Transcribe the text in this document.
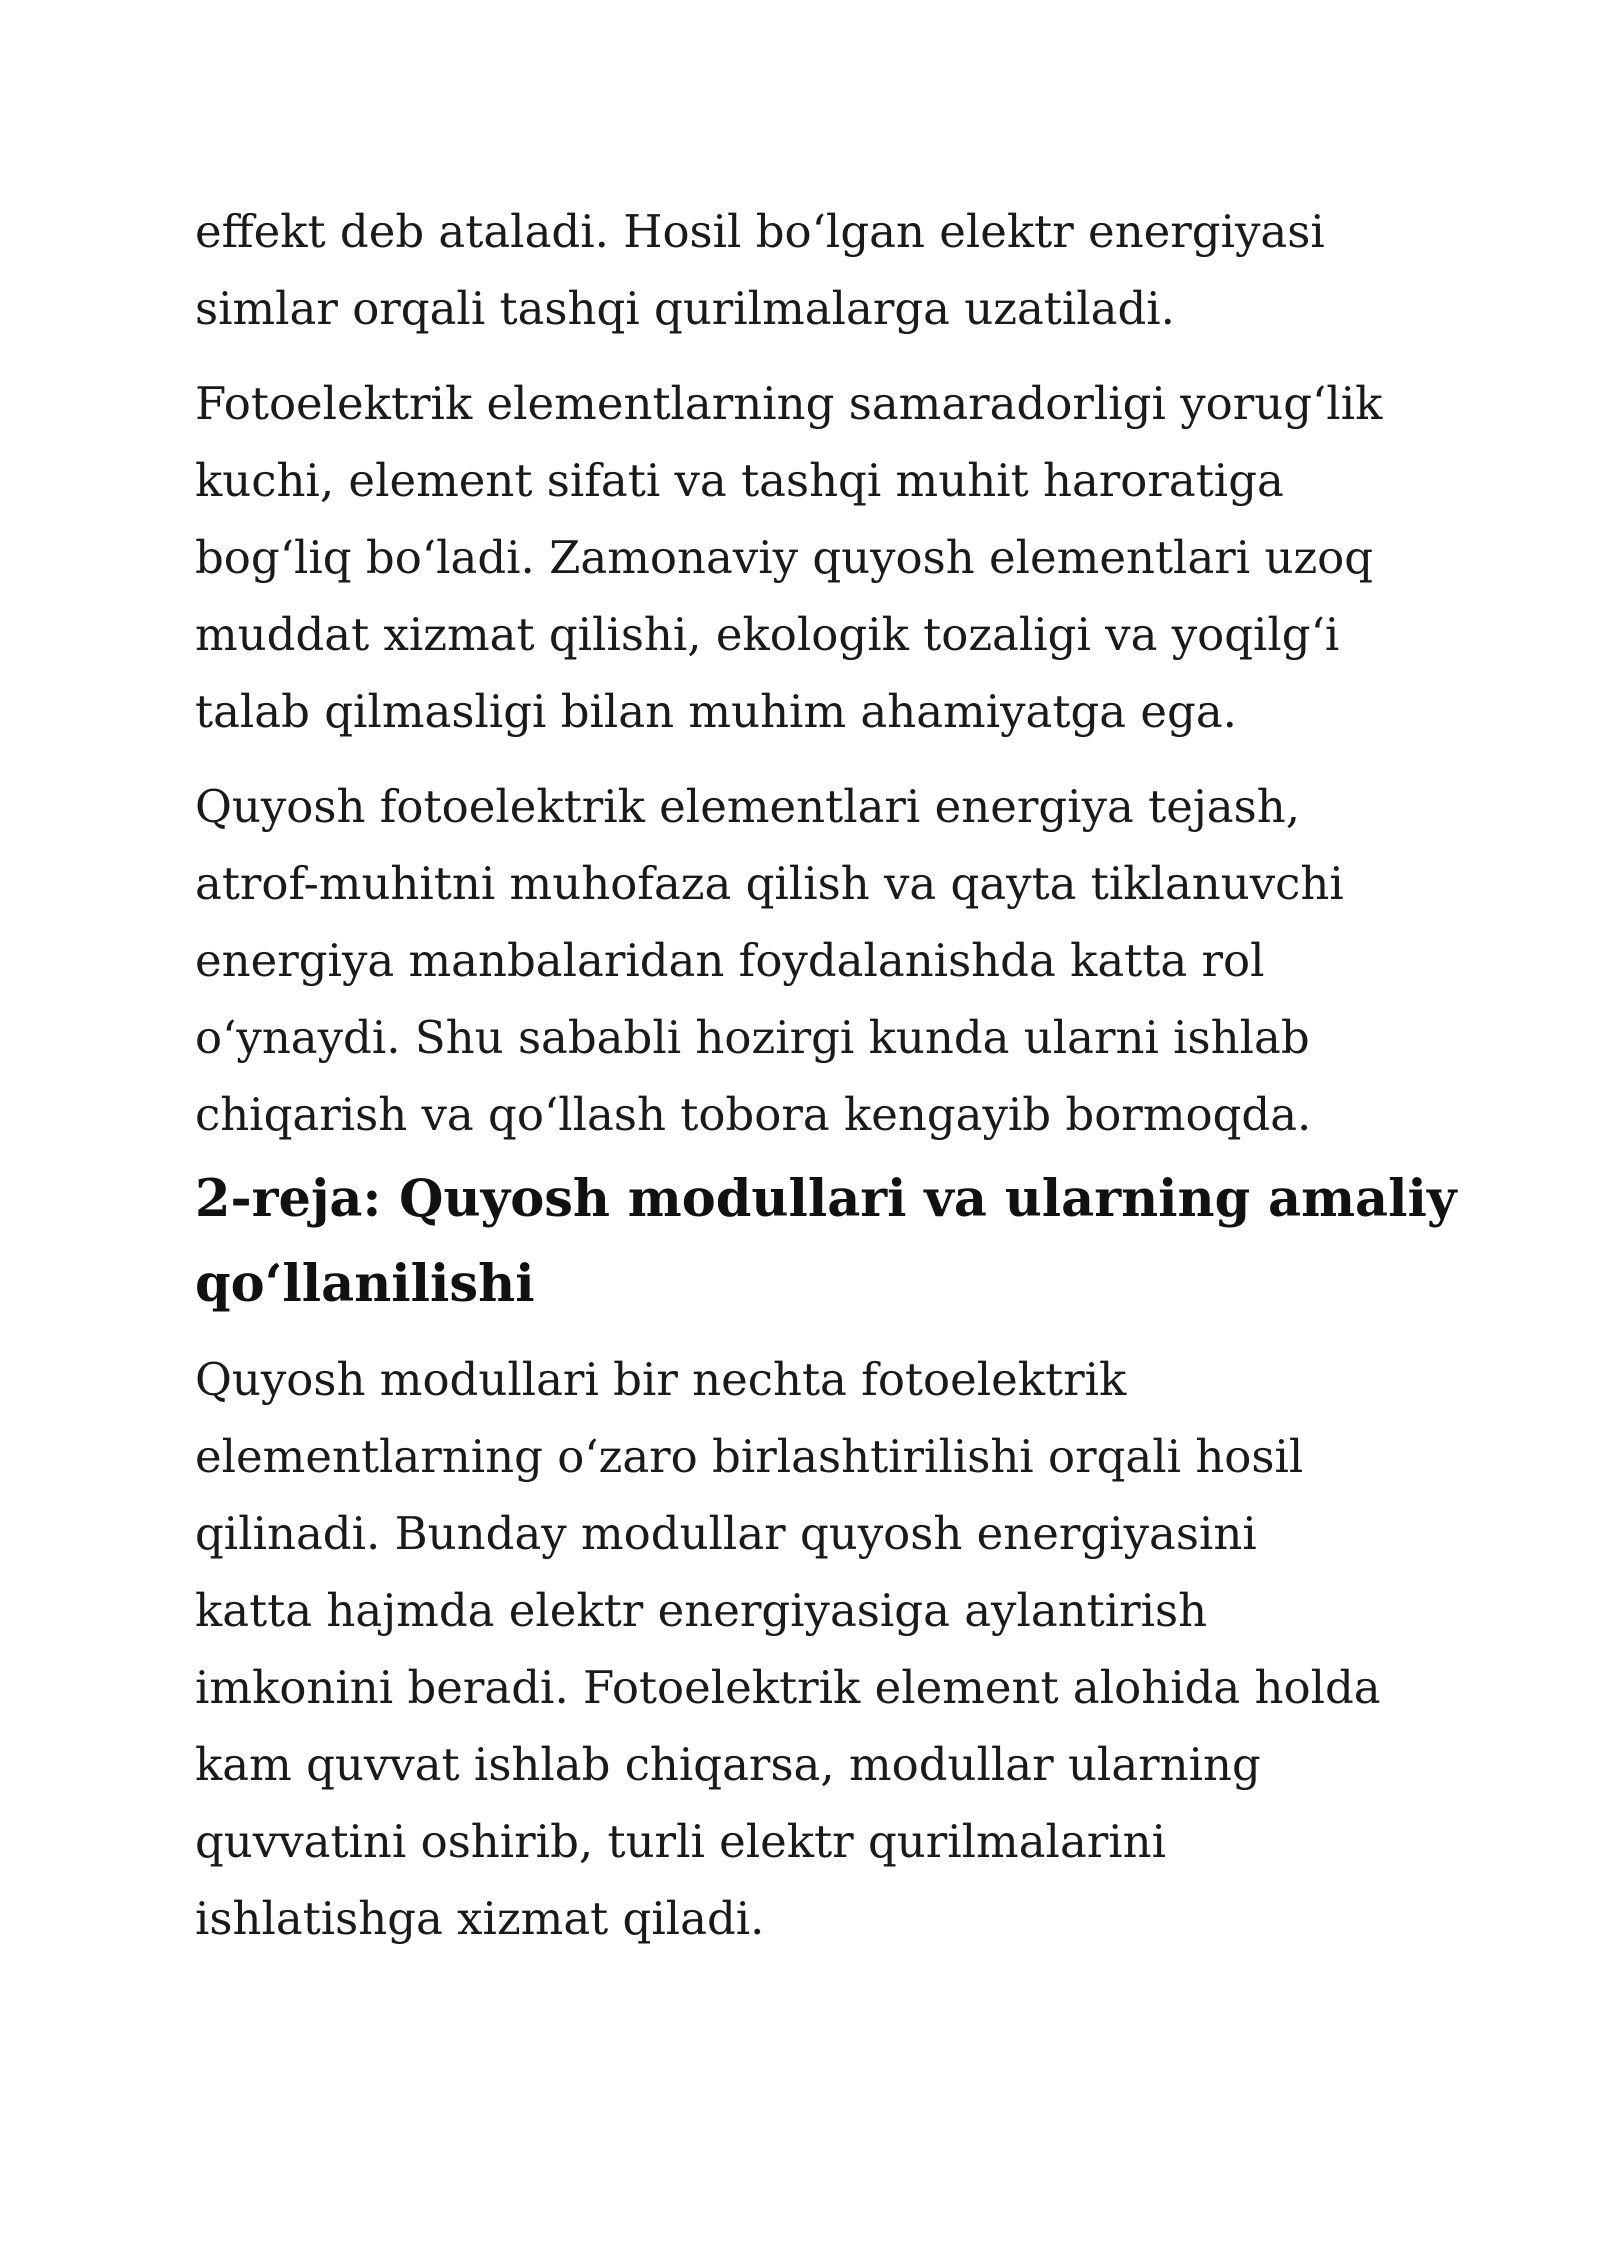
effekt deb ataladi. Hosil bo‘lgan elektr energiyasi
simlar orqali tashqi qurilmalarga uzatiladi.

Fotoelektrik elementlarning samaradorligi yorug‘lik
kuchi, element sifati va tashqi muhit haroratiga
bog‘liq bo‘ladi. Zamonaviy quyosh elementlari uzoq
muddat xizmat qilishi, ekologik tozaligi va yoqilg‘i
talab qilmasligi bilan muhim ahamiyatga ega.

Quyosh fotoelektrik elementlari energiya tejash,
atrof-muhitni muhofaza qilish va qayta tiklanuvchi
energiya manbalaridan foydalanishda katta rol
o‘ynaydi. Shu sababli hozirgi kunda ularni ishlab
chiqarish va qo‘llash tobora kengayib bormoqda.

2-reja: Quyosh modullari va ularning amaliy
qo‘llanilishi

Quyosh modullari bir nechta fotoelektrik
elementlarning o‘zaro birlashtirilishi orqali hosil
qilinadi. Bunday modullar quyosh energiyasini
katta hajmda elektr energiyasiga aylantirish
imkonini beradi. Fotoelektrik element alohida holda
kam quvvat ishlab chiqarsa, modullar ularning
quvvatini oshirib, turli elektr qurilmalarini
ishlatishga xizmat qiladi.
